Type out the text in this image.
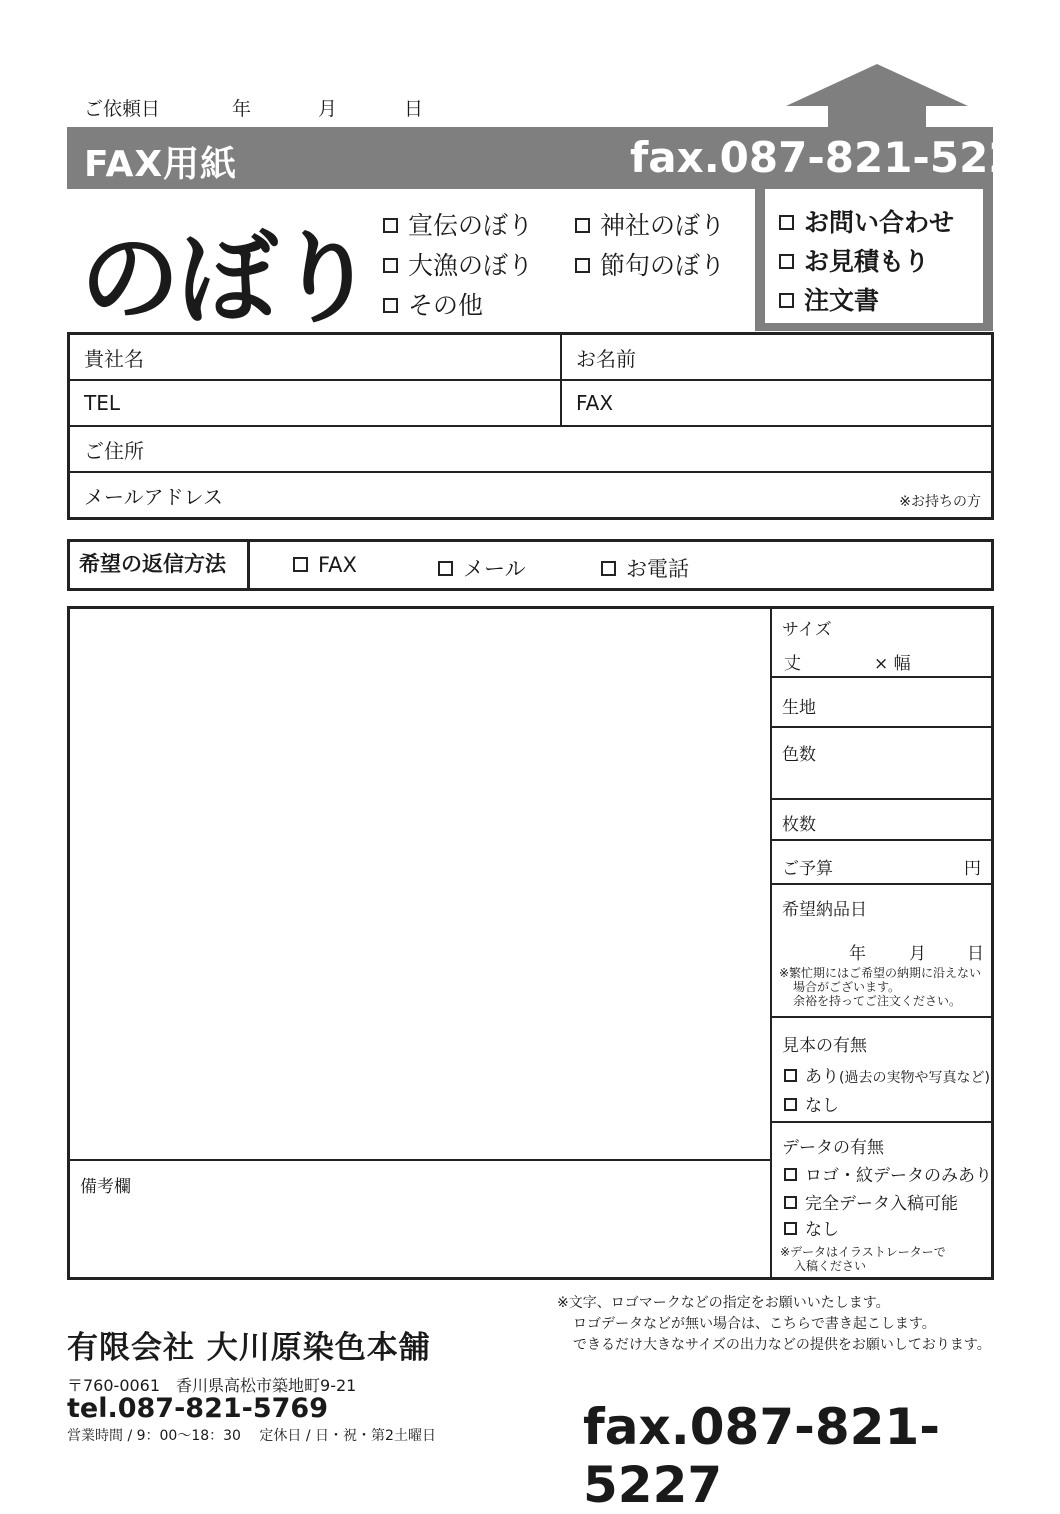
ご依頼日	年	月	日
FAX用紙	fax.087-821-5227
のぼり	宣伝のぼり	神社のぼり
大漁のぼり	節句のぼり
その他
お問い合わせ
お見積もり
注文書
貴社名	お名前
TEL	FAX
ご住所	
メールアドレス ※お持ちの方	
希望の返信方法	FAX	メール	お電話
備考欄
サイズ
丈	× 幅
生地
色数
枚数
ご予算	円
希望納品日
年	月 日
※繁忙期にはご希望の納期に沿えない
場合がございます。
余裕を持ってご注文ください。
見本の有無
あり(過去の実物や写真など)
なし
データの有無
ロゴ・紋データのみあり
完全データ入稿可能
なし
※データはイラストレーターで
入稿ください
※文字、ロゴマークなどの指定をお願いいたします。
ロゴデータなどが無い場合は、こちらで書き起こします。
できるだけ大きなサイズの出力などの提供をお願いしております。
有限会社 大川原染色本舗
〒760-0061　香川県高松市築地町9-21
tel.087-821-5769
営業時間 / 9：00〜18：30　 定休日 / 日・祝・第2土曜日	fax.087-821-5227
